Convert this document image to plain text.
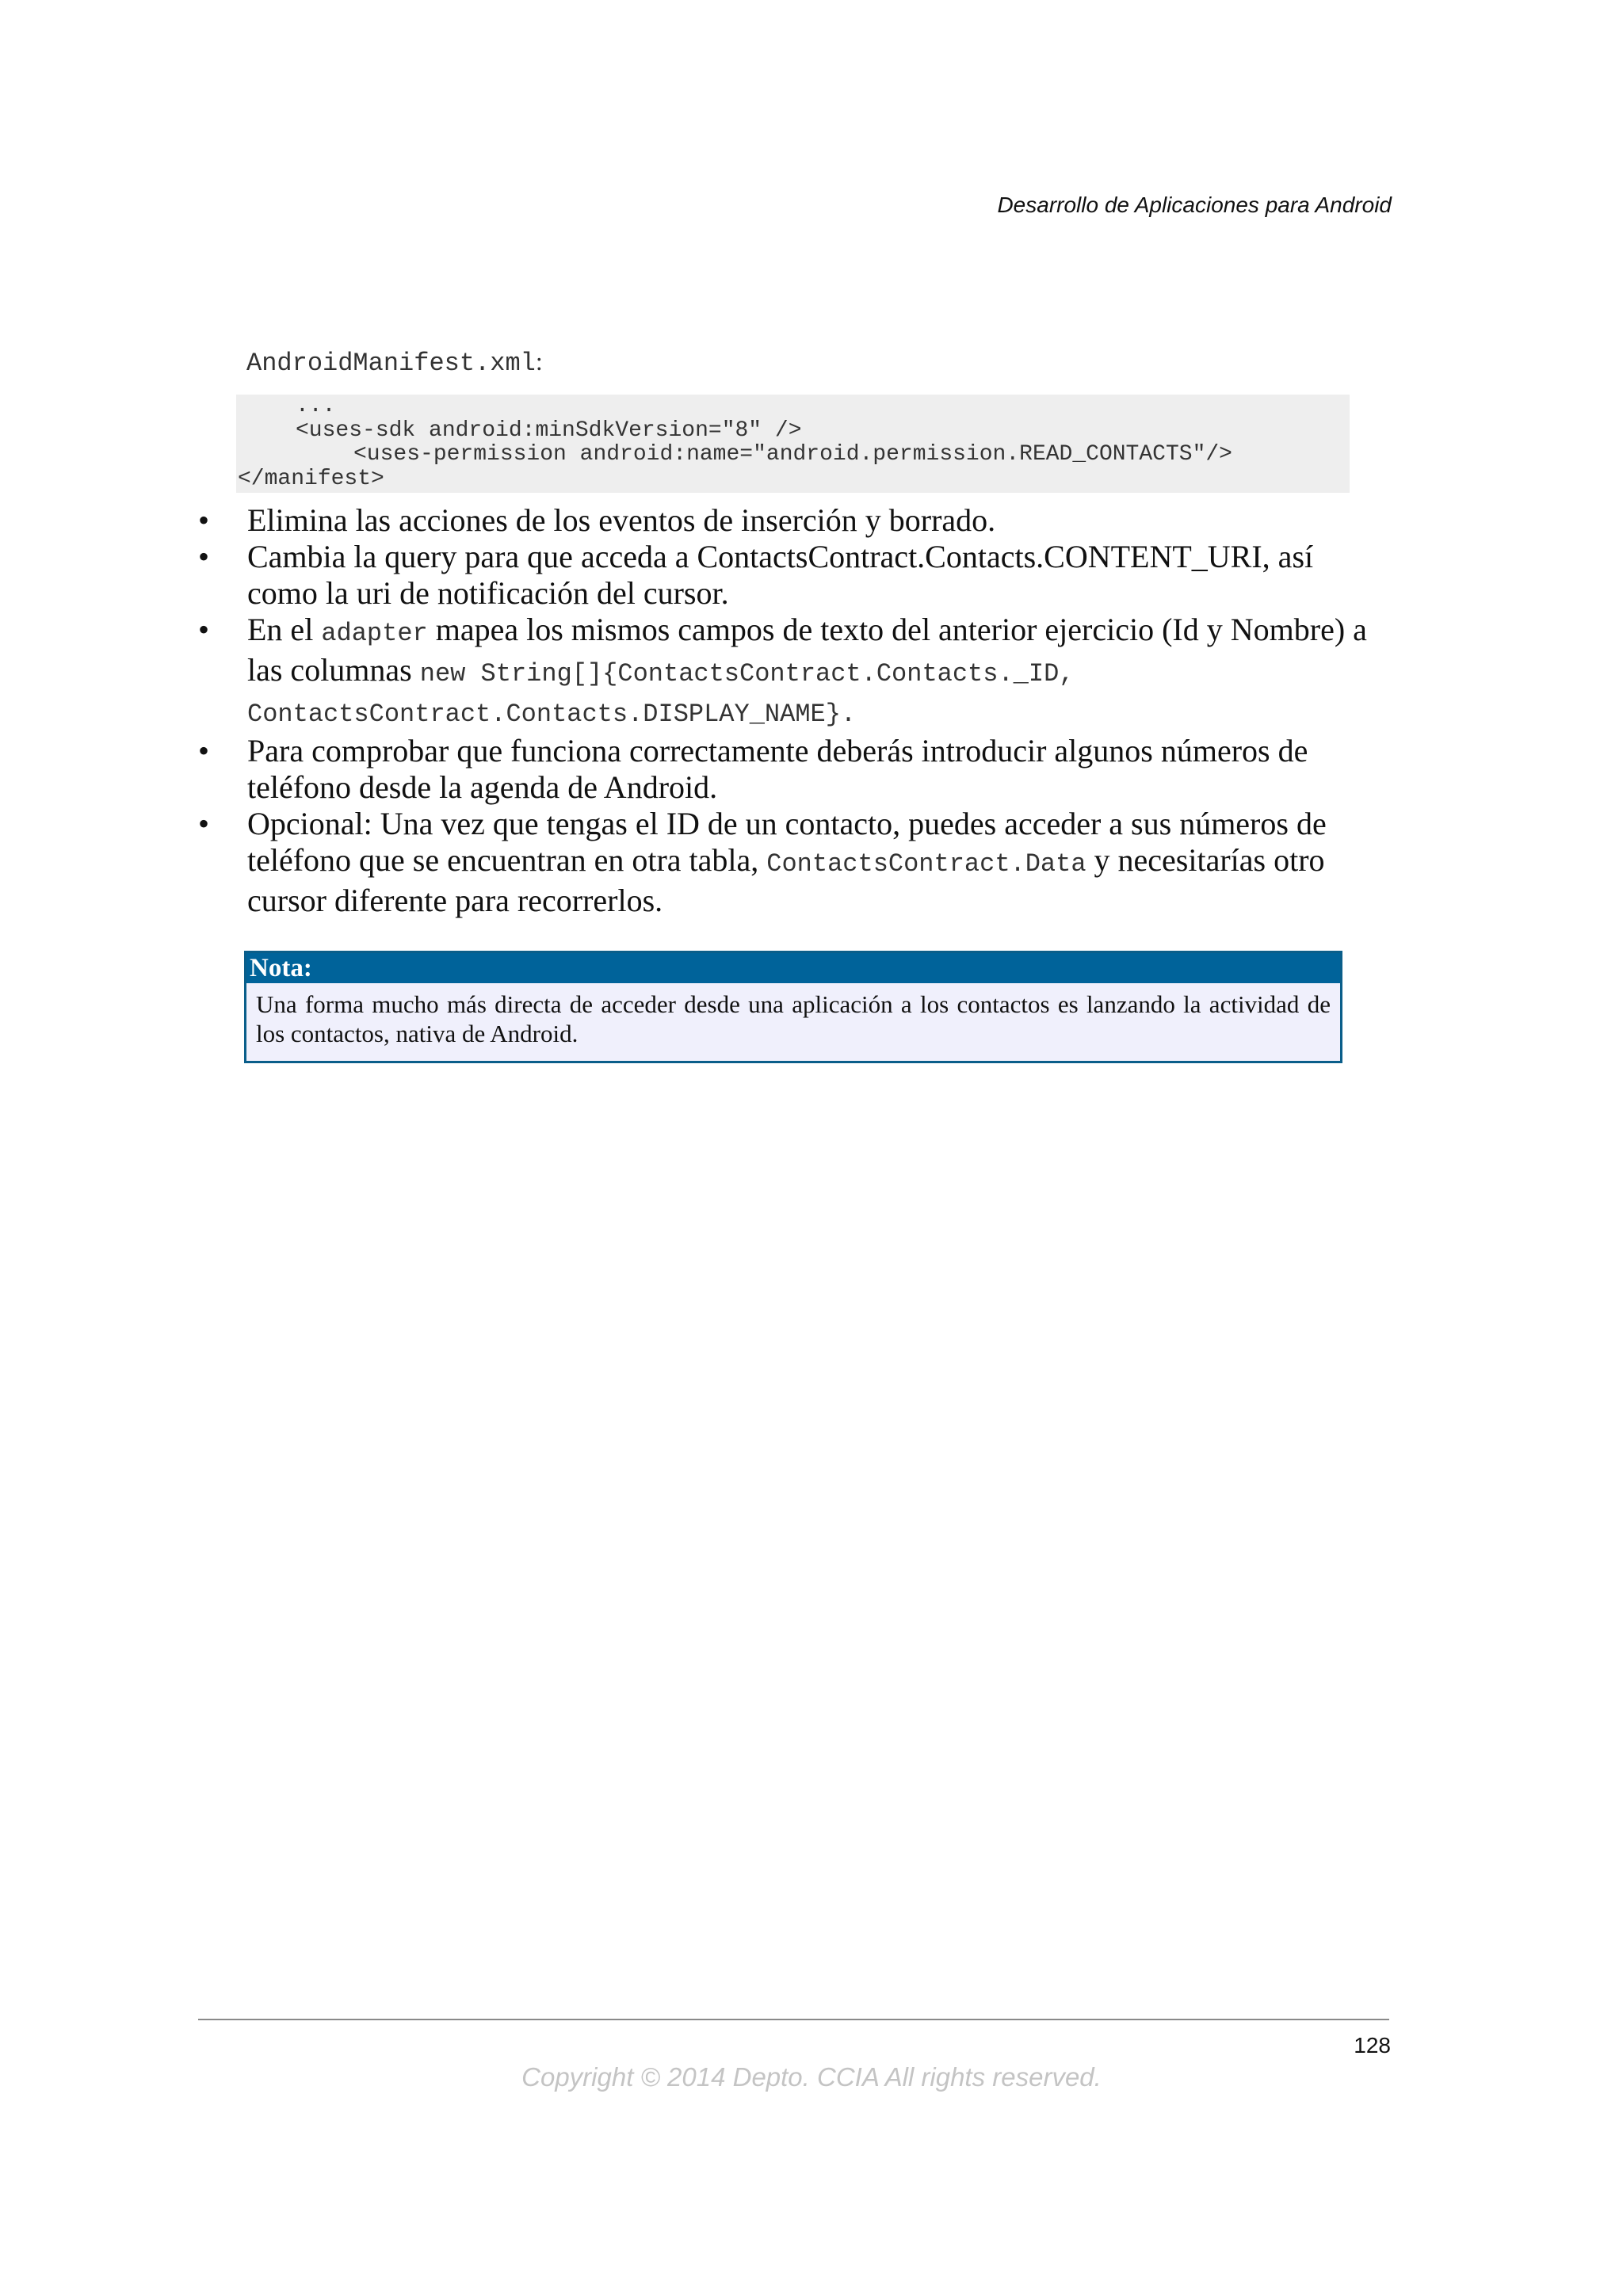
Desarrollo de Aplicaciones para Android

AndroidManifest.xml:

...
<uses-sdk android:minSdkVersion="8" />
<uses-permission android:name="android.permission.READ_CONTACTS"/>
</manifest>
•	Elimina las acciones de los eventos de inserción y borrado.
•	Cambia la query para que acceda a ContactsContract.Contacts.CONTENT_URI, así como la uri de notificación del cursor.
•	En el adapter mapea los mismos campos de texto del anterior ejercicio (Id y Nombre) a las columnas new String[]{ContactsContract.Contacts._ID, ContactsContract.Contacts.DISPLAY_NAME}.
•	Para comprobar que funciona correctamente deberás introducir algunos números de teléfono desde la agenda de Android.
•	Opcional: Una vez que tengas el ID de un contacto, puedes acceder a sus números de teléfono que se encuentran en otra tabla, ContactsContract.Data y necesitarías otro cursor diferente para recorrerlos.
Nota:
Una forma mucho más directa de acceder desde una aplicación a los contactos es lanzando la actividad de los contactos, nativa de Android.

128

Copyright © 2014 Depto. CCIA All rights reserved.
